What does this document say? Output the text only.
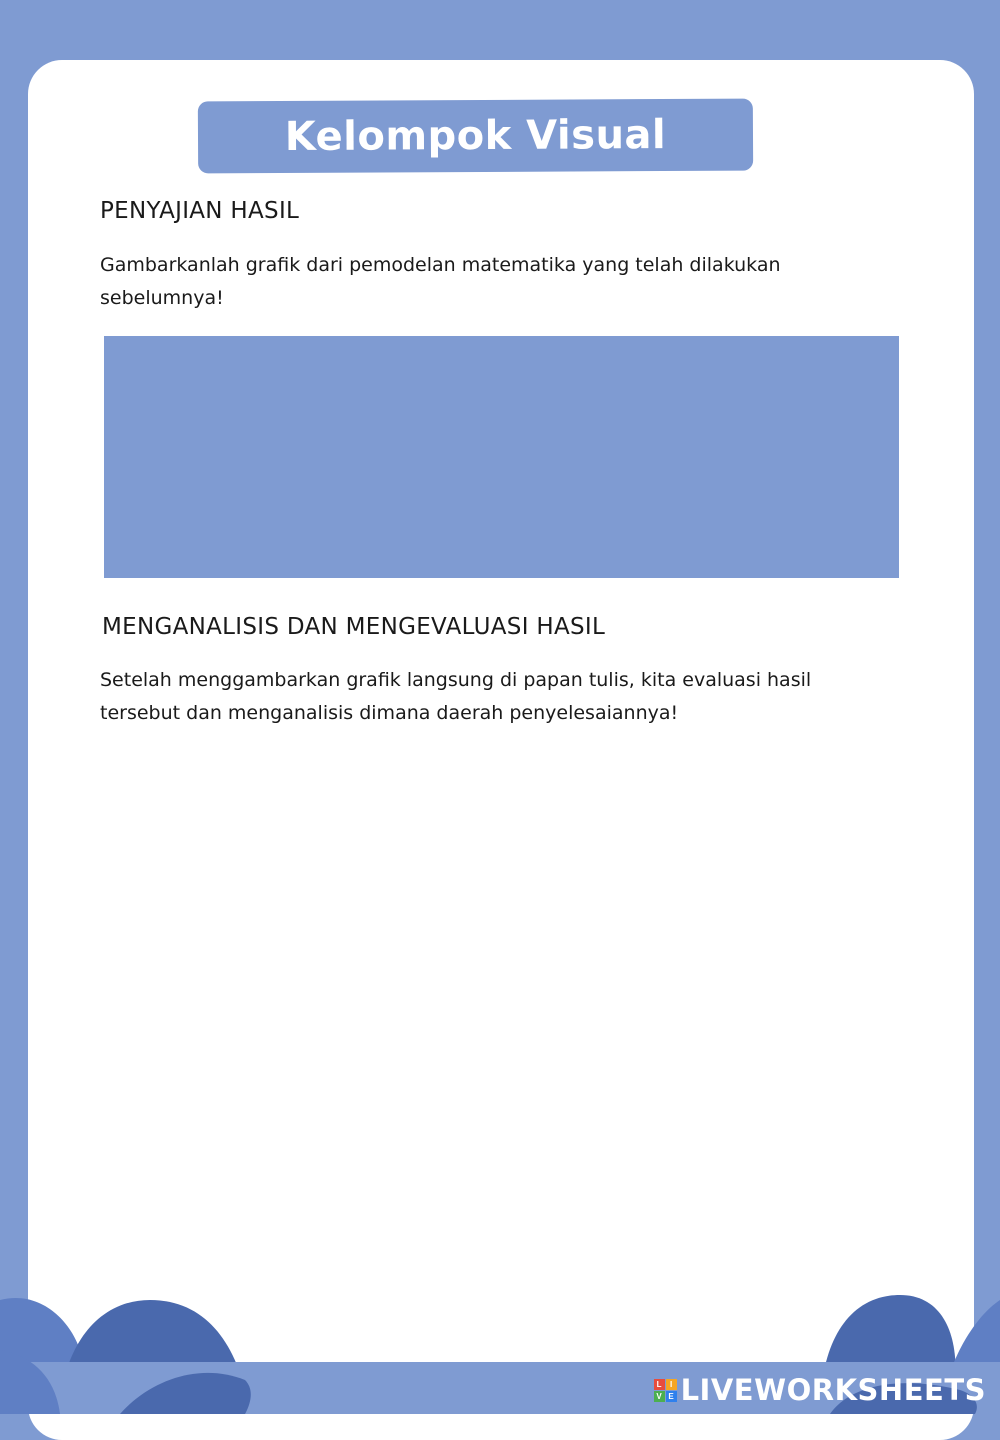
Kelompok Visual
PENYAJIAN HASIL

Gambarkanlah grafik dari pemodelan matematika yang telah dilakukan
sebelumnya!

MENGANALISIS DAN MENGEVALUASI HASIL

Setelah menggambarkan grafik langsung di papan tulis, kita evaluasi hasil
tersebut dan menganalisis dimana daerah penyelesaiannya!

L	I
V E LIVEWORKSHEETS
